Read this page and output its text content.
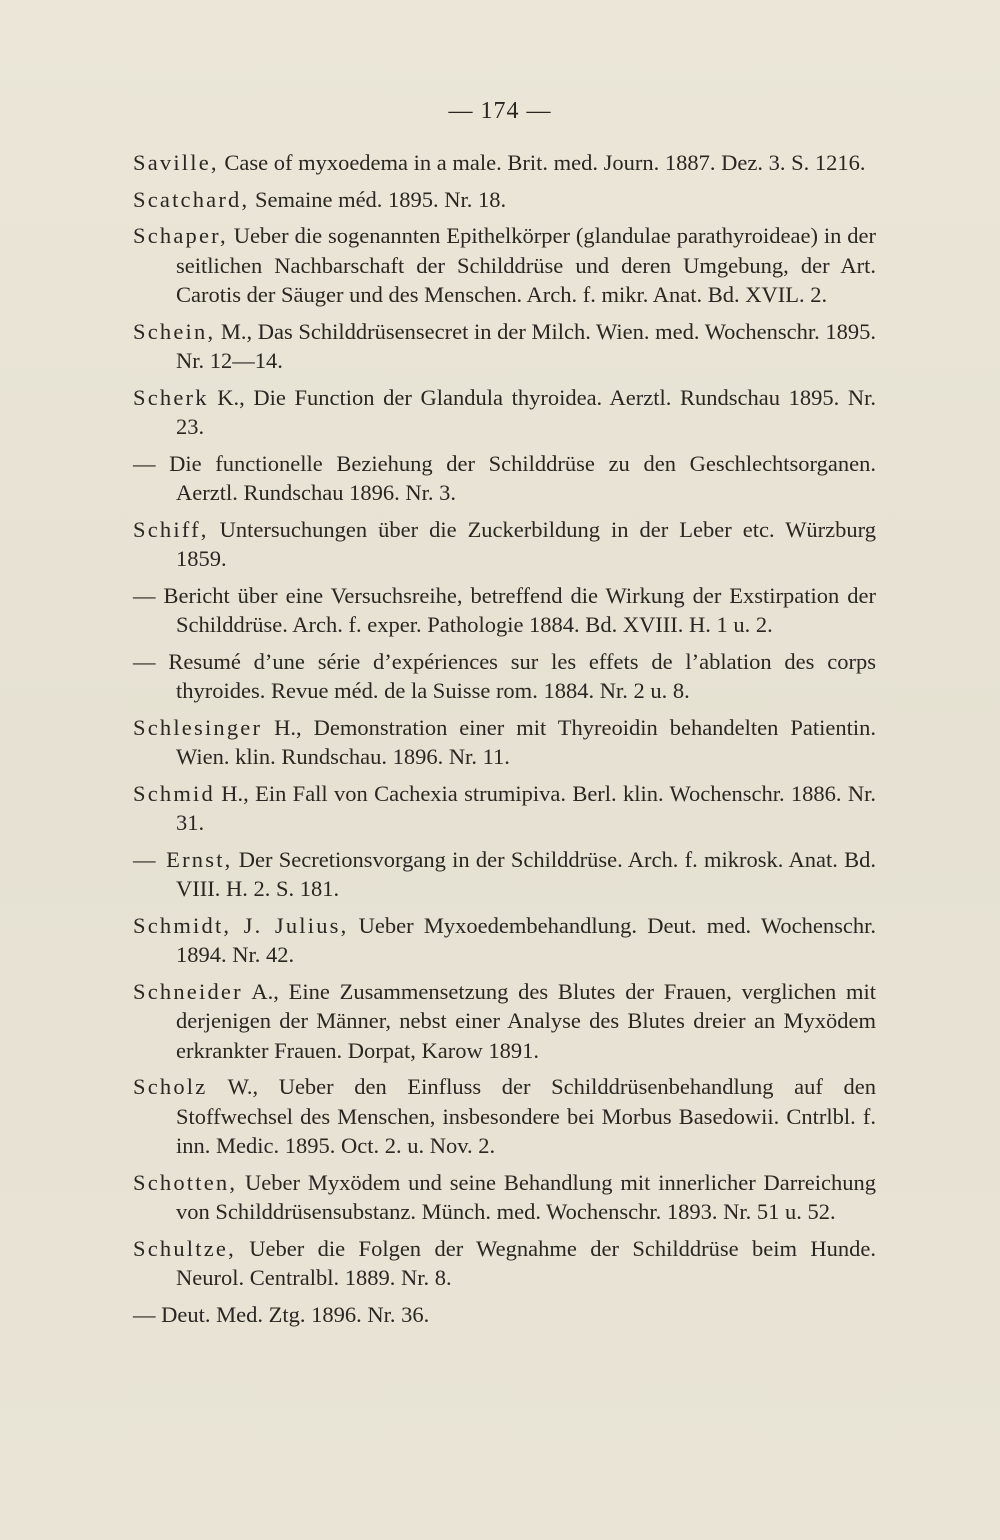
— 174 —

Saville, Case of myxoedema in a male. Brit. med. Journ. 1887. Dez. 3. S. 1216.

Scatchard, Semaine méd. 1895. Nr. 18.

Schaper, Ueber die sogenannten Epithelkörper (glandulae parathyroideae) in der seitlichen Nachbarschaft der Schilddrüse und deren Umgebung, der Art. Carotis der Säuger und des Menschen. Arch. f. mikr. Anat. Bd. XVIL. 2.

Schein, M., Das Schilddrüsensecret in der Milch. Wien. med. Wochenschr. 1895. Nr. 12—14.

Scherk K., Die Function der Glandula thyroidea. Aerztl. Rundschau 1895. Nr. 23.

— Die functionelle Beziehung der Schilddrüse zu den Geschlechtsorganen. Aerztl. Rundschau 1896. Nr. 3.

Schiff, Untersuchungen über die Zuckerbildung in der Leber etc. Würzburg 1859.

— Bericht über eine Versuchsreihe, betreffend die Wirkung der Exstirpation der Schilddrüse. Arch. f. exper. Pathologie 1884. Bd. XVIII. H. 1 u. 2.

— Resumé d’une série d’expériences sur les effets de l’ablation des corps thyroides. Revue méd. de la Suisse rom. 1884. Nr. 2 u. 8.

Schlesinger H., Demonstration einer mit Thyreoidin behandelten Patientin. Wien. klin. Rundschau. 1896. Nr. 11.

Schmid H., Ein Fall von Cachexia strumipiva. Berl. klin. Wochenschr. 1886. Nr. 31.

— Ernst, Der Secretionsvorgang in der Schilddrüse. Arch. f. mikrosk. Anat. Bd. VIII. H. 2. S. 181.

Schmidt, J. Julius, Ueber Myxoedembehandlung. Deut. med. Wochenschr. 1894. Nr. 42.

Schneider A., Eine Zusammensetzung des Blutes der Frauen, verglichen mit derjenigen der Männer, nebst einer Analyse des Blutes dreier an Myxödem erkrankter Frauen. Dorpat, Karow 1891.

Scholz W., Ueber den Einfluss der Schilddrüsenbehandlung auf den Stoffwechsel des Menschen, insbesondere bei Morbus Basedowii. Cntrlbl. f. inn. Medic. 1895. Oct. 2. u. Nov. 2.

Schotten, Ueber Myxödem und seine Behandlung mit innerlicher Darreichung von Schilddrüsensubstanz. Münch. med. Wochenschr. 1893. Nr. 51 u. 52.

Schultze, Ueber die Folgen der Wegnahme der Schilddrüse beim Hunde. Neurol. Centralbl. 1889. Nr. 8.

— Deut. Med. Ztg. 1896. Nr. 36.
